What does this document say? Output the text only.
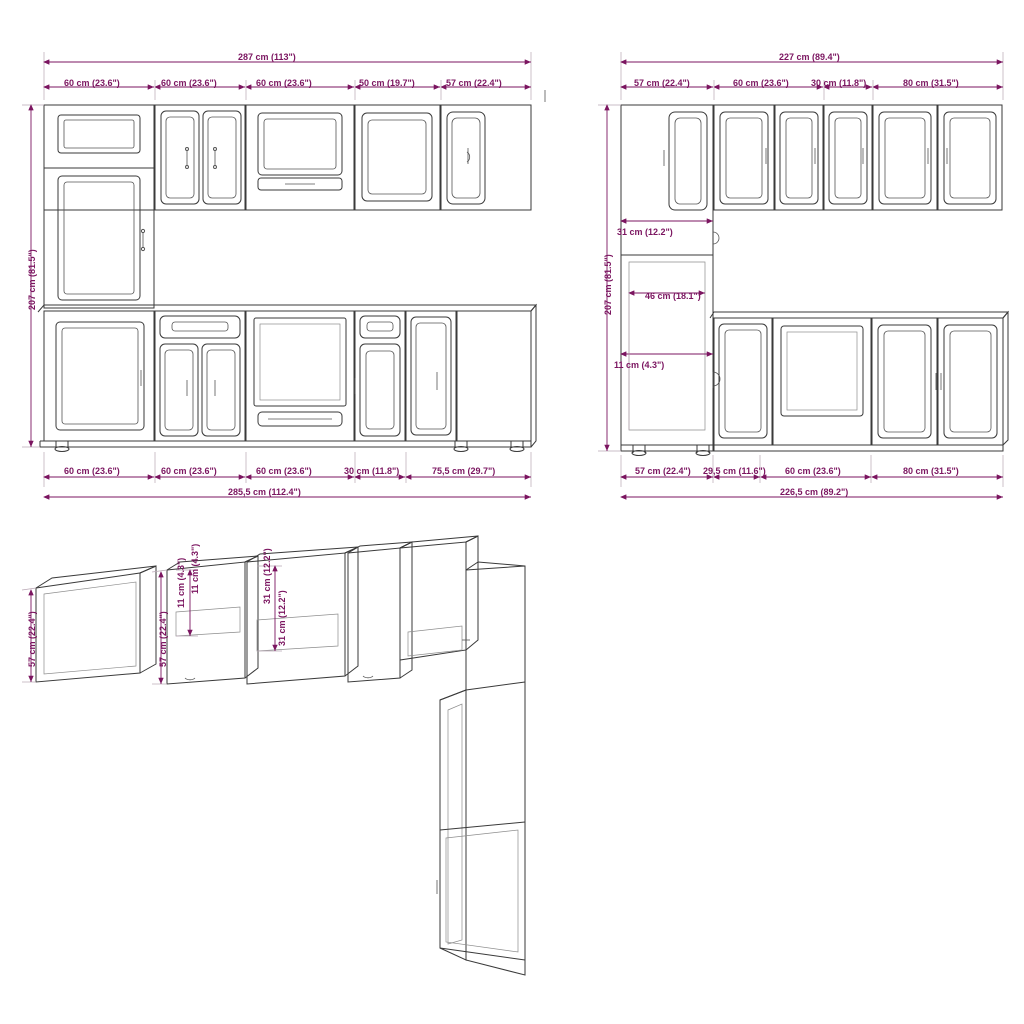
287 cm (113")
60 cm (23.6")	60 cm (23.6")	60 cm (23.6")	50 cm (19.7")	57 cm (22.4")
207 cm (81.5")
60 cm (23.6")	60 cm (23.6")	60 cm (23.6")	30 cm (11.8")	75,5 cm (29.7")
285,5 cm (112.4")
227 cm (89.4")
57 cm (22.4")	60 cm (23.6") 30 cm (11.8")	80 cm (31.5")
207 cm (81.5")
31 cm (12.2")
46 cm (18.1")
11 cm (4.3")
57 cm (22.4") 29,5 cm (11.6") 60 cm (23.6")	80 cm (31.5")
226,5 cm (89.2")
57 cm (22.4")	57 cm (22.4")
11 cm (4.3") 11 cm (4.3")	31 cm (12.2")
31 cm (12.2")
